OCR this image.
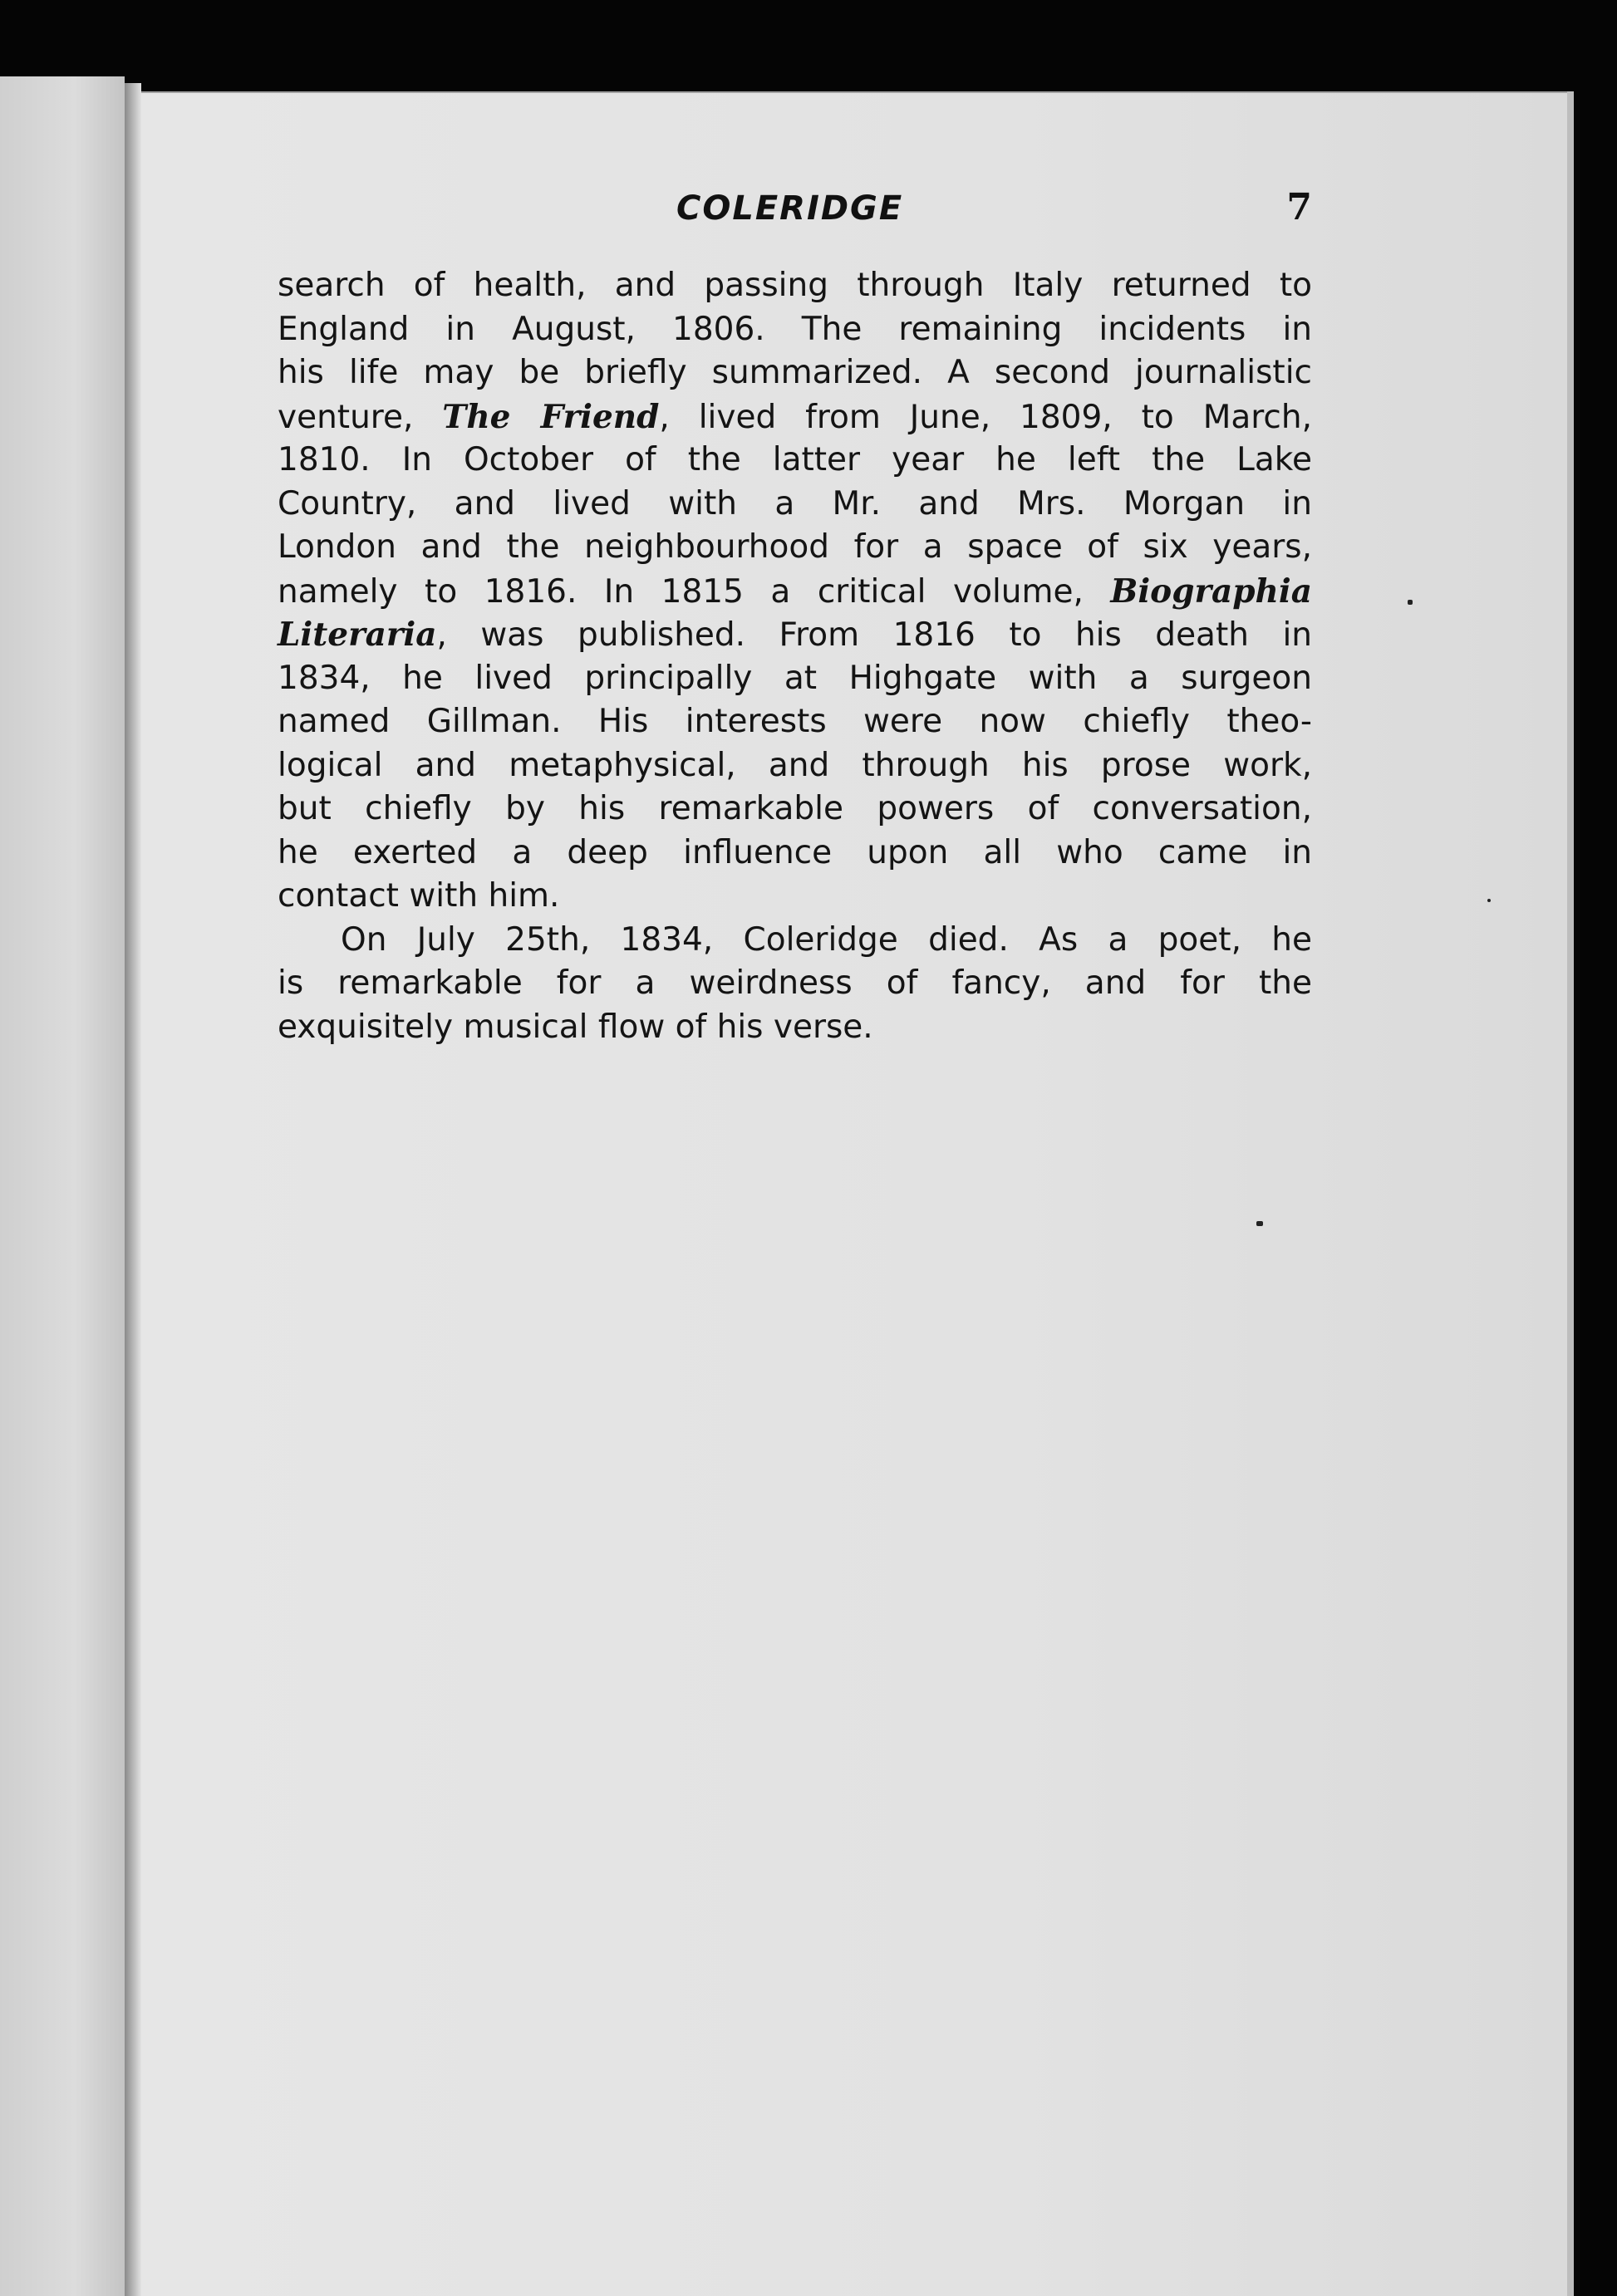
COLERIDGE	7
search of health, and passing through Italy returned to
England in August, 1806. The remaining incidents in
his life may be briefly summarized. A second journalistic
venture, The Friend, lived from June, 1809, to March,
1810. In October of the latter year he left the Lake
Country, and lived with a Mr. and Mrs. Morgan in
London and the neighbourhood for a space of six years,
namely to 1816. In 1815 a critical volume, Biographia
Literaria, was published. From 1816 to his death in
1834, he lived principally at Highgate with a surgeon
named Gillman. His interests were now chiefly theo-
logical and metaphysical, and through his prose work,
but chiefly by his remarkable powers of conversation,
he exerted a deep influence upon all who came in
contact with him.
On July 25th, 1834, Coleridge died. As a poet, he
is remarkable for a weirdness of fancy, and for the
exquisitely musical flow of his verse.
